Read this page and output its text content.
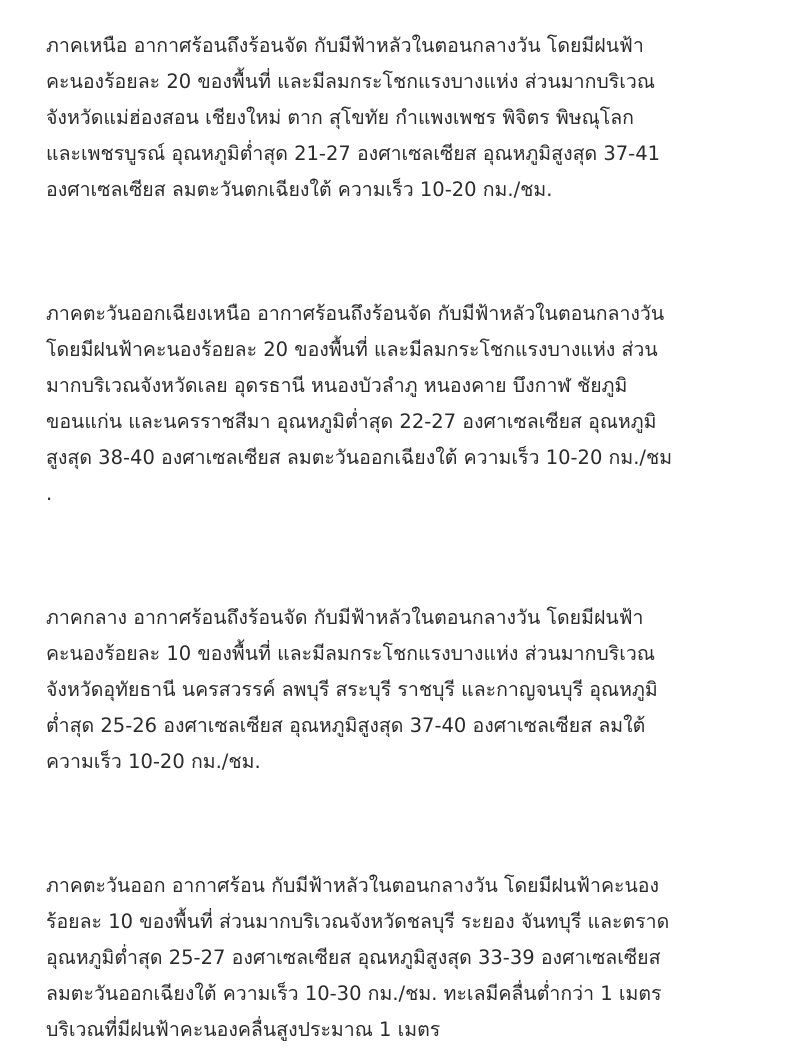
ภาคเหนือ อากาศร้อนถึงร้อนจัด กับมีฟ้าหลัวในตอนกลางวัน โดยมีฝนฟ้า
คะนองร้อยละ 20 ของพื้นที่ และมีลมกระโชกแรงบางแห่ง ส่วนมากบริเวณ
จังหวัดแม่ฮ่องสอน เชียงใหม่ ตาก สุโขทัย กำแพงเพชร พิจิตร พิษณุโลก
และเพชรบูรณ์ อุณหภูมิต่ำสุด 21-27 องศาเซลเซียส อุณหภูมิสูงสุด 37-41
องศาเซลเซียส ลมตะวันตกเฉียงใต้ ความเร็ว 10-20 กม./ชม.

ภาคตะวันออกเฉียงเหนือ อากาศร้อนถึงร้อนจัด กับมีฟ้าหลัวในตอนกลางวัน
โดยมีฝนฟ้าคะนองร้อยละ 20 ของพื้นที่ และมีลมกระโชกแรงบางแห่ง ส่วน
มากบริเวณจังหวัดเลย อุดรธานี หนองบัวลำภู หนองคาย บึงกาฬ ชัยภูมิ
ขอนแก่น และนครราชสีมา อุณหภูมิต่ำสุด 22-27 องศาเซลเซียส อุณหภูมิ
สูงสุด 38-40 องศาเซลเซียส ลมตะวันออกเฉียงใต้ ความเร็ว 10-20 กม./ชม
.

ภาคกลาง อากาศร้อนถึงร้อนจัด กับมีฟ้าหลัวในตอนกลางวัน โดยมีฝนฟ้า
คะนองร้อยละ 10 ของพื้นที่ และมีลมกระโชกแรงบางแห่ง ส่วนมากบริเวณ
จังหวัดอุทัยธานี นครสวรรค์ ลพบุรี สระบุรี ราชบุรี และกาญจนบุรี อุณหภูมิ
ต่ำสุด 25-26 องศาเซลเซียส อุณหภูมิสูงสุด 37-40 องศาเซลเซียส ลมใต้
ความเร็ว 10-20 กม./ชม.

ภาคตะวันออก อากาศร้อน กับมีฟ้าหลัวในตอนกลางวัน โดยมีฝนฟ้าคะนอง
ร้อยละ 10 ของพื้นที่ ส่วนมากบริเวณจังหวัดชลบุรี ระยอง จันทบุรี และตราด
อุณหภูมิต่ำสุด 25-27 องศาเซลเซียส อุณหภูมิสูงสุด 33-39 องศาเซลเซียส
ลมตะวันออกเฉียงใต้ ความเร็ว 10-30 กม./ชม. ทะเลมีคลื่นต่ำกว่า 1 เมตร
บริเวณที่มีฝนฟ้าคะนองคลื่นสูงประมาณ 1 เมตร
